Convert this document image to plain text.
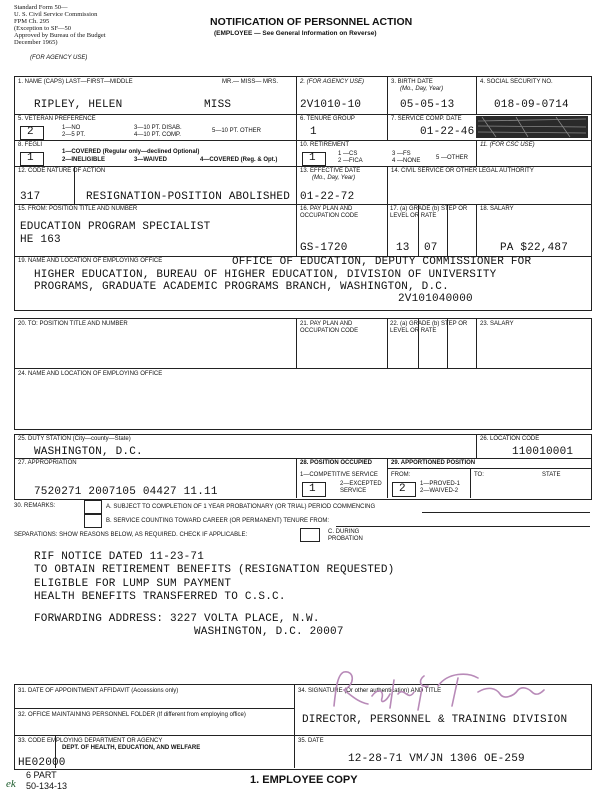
Standard Form 50—
U. S. Civil Service Commission
FPM Ch. 295
(Exception to SF—50
Approved by Bureau of the Budget
December 1965)
NOTIFICATION OF PERSONNEL ACTION
(EMPLOYEE — See General Information on Reverse)
(FOR AGENCY USE)
1. NAME (CAPS) LAST—FIRST—MIDDLE	MR.— MISS— MRS.
RIPLEY, HELEN	MISS
2. (FOR AGENCY USE)
2V1010-10
3. BIRTH DATE
(Mo., Day, Year)
05-05-13
4. SOCIAL SECURITY NO.
018-09-0714
5. VETERAN PREFERENCE
2	1—NO
2—5 PT.
3—10 PT. DISAB.
4—10 PT. COMP.
5—10 PT. OTHER
6. TENURE GROUP
1
7. SERVICE COMP. DATE
01-22-46
8. FEGLI
1	1—COVERED (Regular only—declined Optional)
2—INELIGIBLE	3—WAIVED	4—COVERED (Reg. & Opt.)
10. RETIREMENT
1	1 —CS
2 —FICA
3 —FS
4 —NONE	5 —OTHER
11. (FOR CSC USE)
12. CODE NATURE OF ACTION
317	RESIGNATION-POSITION ABOLISHED
13. EFFECTIVE DATE
(Mo., Day, Year)
01-22-72
14. CIVIL SERVICE OR OTHER LEGAL AUTHORITY
15. FROM: POSITION TITLE AND NUMBER
EDUCATION PROGRAM SPECIALIST
HE 163
16. PAY PLAN AND OCCUPATION CODE
GS-1720
17. (a) GRADE (b) STEP OR LEVEL OR RATE
13 07
18. SALARY
PA $22,487
19. NAME AND LOCATION OF EMPLOYING OFFICE	OFFICE OF EDUCATION, DEPUTY COMMISSIONER FOR
HIGHER EDUCATION, BUREAU OF HIGHER EDUCATION, DIVISION OF UNIVERSITY
PROGRAMS, GRADUATE ACADEMIC PROGRAMS BRANCH, WASHINGTON, D.C.
2V101040000
20. TO: POSITION TITLE AND NUMBER	21. PAY PLAN AND OCCUPATION CODE
22. (a) GRADE (b) STEP OR LEVEL OR RATE
23. SALARY
24. NAME AND LOCATION OF EMPLOYING OFFICE
25. DUTY STATION (City—county—State)
WASHINGTON, D.C.
26. LOCATION CODE
110010001
27. APPROPRIATION
7520271 2007105 04427 11.11
28. POSITION OCCUPIED
1—COMPETITIVE SERVICE
1	2—EXCEPTED SERVICE
29. APPORTIONED POSITION
FROM:	TO:	STATE
2 1—PROVED-1
2—WAIVED-2
30. REMARKS:	A. SUBJECT TO COMPLETION OF 1 YEAR PROBATIONARY (OR TRIAL) PERIOD COMMENCING
B. SERVICE COUNTING TOWARD CAREER (OR PERMANENT) TENURE FROM:
SEPARATIONS: SHOW REASONS BELOW, AS REQUIRED. CHECK IF APPLICABLE:	C. DURING PROBATION
RIF NOTICE DATED 11-23-71
TO OBTAIN RETIREMENT BENEFITS (RESIGNATION REQUESTED)
ELIGIBLE FOR LUMP SUM PAYMENT
HEALTH BENEFITS TRANSFERRED TO C.S.C.
FORWARDING ADDRESS: 3227 VOLTA PLACE, N.W.
WASHINGTON, D.C. 20007
31. DATE OF APPOINTMENT AFFIDAVIT (Accessions only)
32. OFFICE MAINTAINING PERSONNEL FOLDER (If different from employing office)
33. CODE EMPLOYING DEPARTMENT OR AGENCY
DEPT. OF HEALTH, EDUCATION, AND WELFARE
HE02000
34. SIGNATURE (Or other authentication) AND TITLE
DIRECTOR, PERSONNEL & TRAINING DIVISION
35. DATE
12-28-71 VM/JN 1306 OE-259
ek
6 PART
50-134-13	1. EMPLOYEE COPY
